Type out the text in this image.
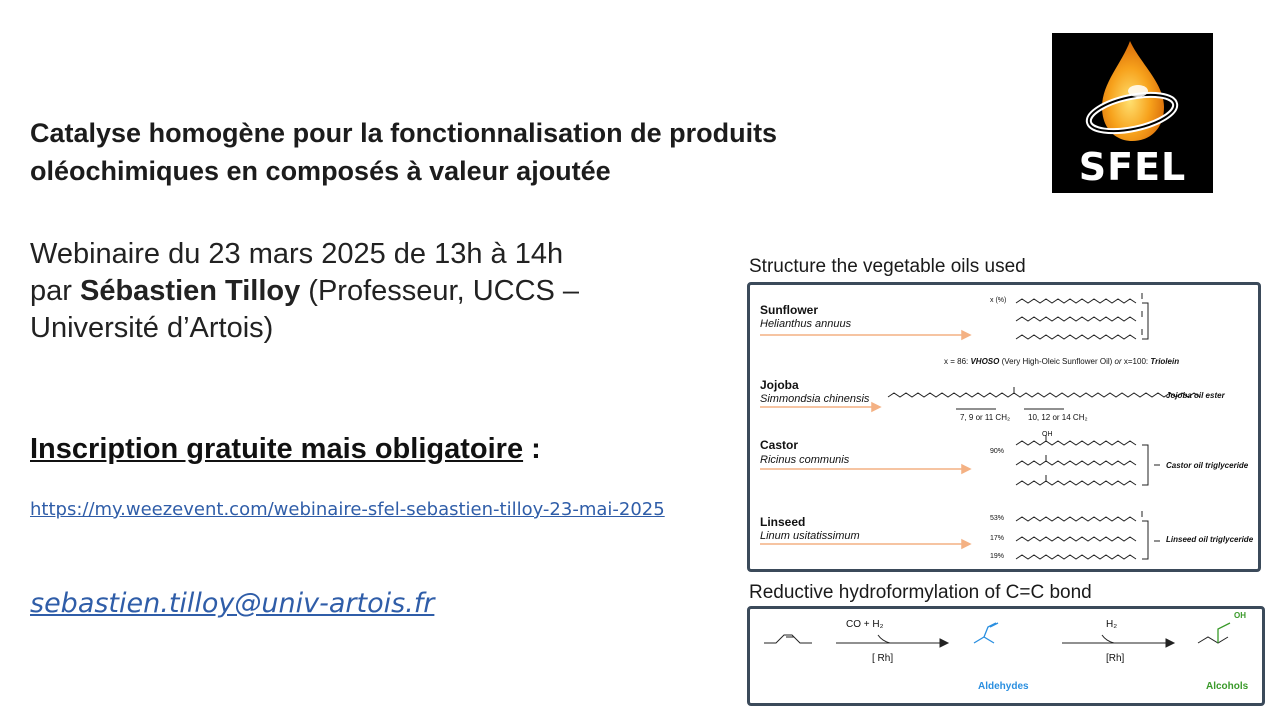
Catalyse homogène pour la fonctionnalisation de produits
oléochimiques en composés à valeur ajoutée
Webinaire du 23 mars 2025 de 13h à 14h
par Sébastien Tilloy (Professeur, UCCS –
Université d’Artois)
Inscription gratuite mais obligatoire :
https://my.weezevent.com/webinaire-sfel-sebastien-tilloy-23-mai-2025
sebastien.tilloy@univ-artois.fr
SFEL
Structure the vegetable oils used
Sunflower
Helianthus annuus
Jojoba
Simmondsia chinensis
Castor
Ricinus communis
Linseed
Linum usitatissimum
x (%)
x = 86: VHOSO (Very High-Oleic Sunflower Oil) or x=100: Triolein
Jojoba oil ester
7, 9 or 11 CH₂ 10, 12 or 14 CH₂
90%
OH
Castor oil triglyceride
53%
17%
19%
Linseed oil triglyceride
Reductive hydroformylation of C=C bond
CO + H₂
[ Rh]
H₂
[Rh]
OH
Aldehydes	Alcohols
